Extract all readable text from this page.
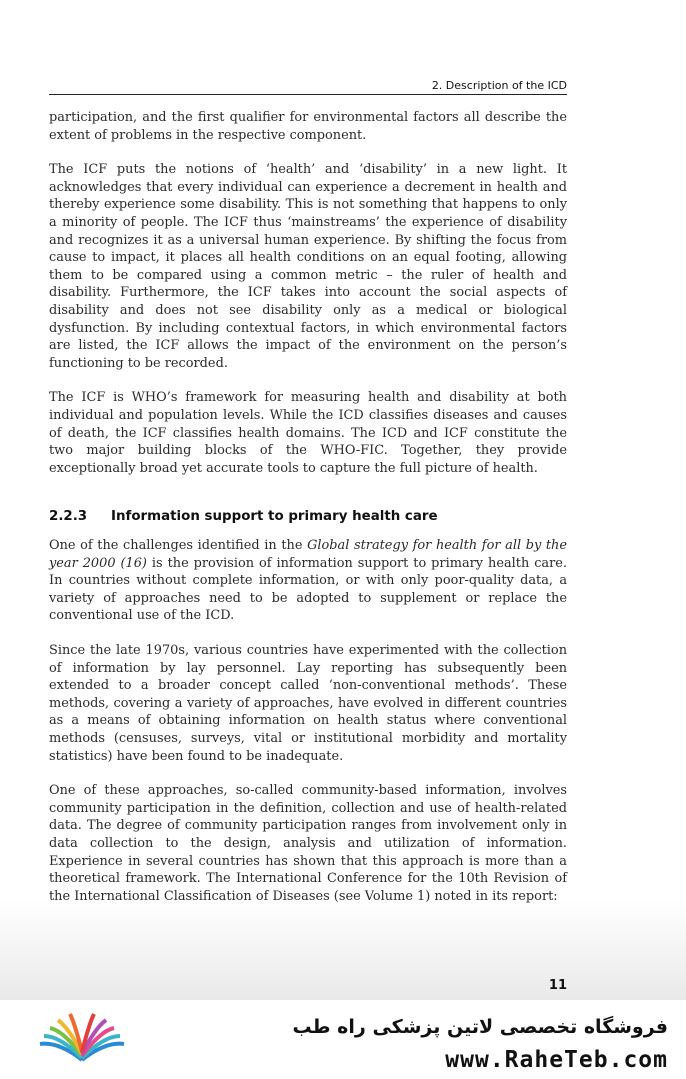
2. Description of the ICD

participation, and the first qualifier for environmental factors all describe the extent of problems in the respective component.

The ICF puts the notions of ‘health’ and ‘disability’ in a new light. It acknowledges that every individual can experience a decrement in health and thereby experience some disability. This is not something that happens to only a minority of people. The ICF thus ‘mainstreams’ the experience of disability and recognizes it as a universal human experience. By shifting the focus from cause to impact, it places all health conditions on an equal footing, allowing them to be compared using a common metric – the ruler of health and disability. Furthermore, the ICF takes into account the social aspects of disability and does not see disability only as a medical or biological dysfunction. By including contextual factors, in which environmental factors are listed, the ICF allows the impact of the environment on the person’s functioning to be recorded.

The ICF is WHO’s framework for measuring health and disability at both individual and population levels. While the ICD classifies diseases and causes of death, the ICF classifies health domains. The ICD and ICF constitute the two major building blocks of the WHO-FIC. Together, they provide exceptionally broad yet accurate tools to capture the full picture of health.

2.2.3 Information support to primary health care

One of the challenges identified in the Global strategy for health for all by the year 2000 (16) is the provision of information support to primary health care. In countries without complete information, or with only poor-quality data, a variety of approaches need to be adopted to supplement or replace the conventional use of the ICD.

Since the late 1970s, various countries have experimented with the collection of information by lay personnel. Lay reporting has subsequently been extended to a broader concept called ‘non-conventional methods’. These methods, covering a variety of approaches, have evolved in different countries as a means of obtaining information on health status where conventional methods (censuses, surveys, vital or institutional morbidity and mortality statistics) have been found to be inadequate.

One of these approaches, so-called community-based information, involves community participation in the definition, collection and use of health-related data. The degree of community participation ranges from involvement only in data collection to the design, analysis and utilization of information. Experience in several countries has shown that this approach is more than a theoretical framework. The International Conference for the 10th Revision of the International Classification of Diseases (see Volume 1) noted in its report:

11
فروشگاه تخصصی لاتین پزشکی راه طب
www.RaheTeb.com
